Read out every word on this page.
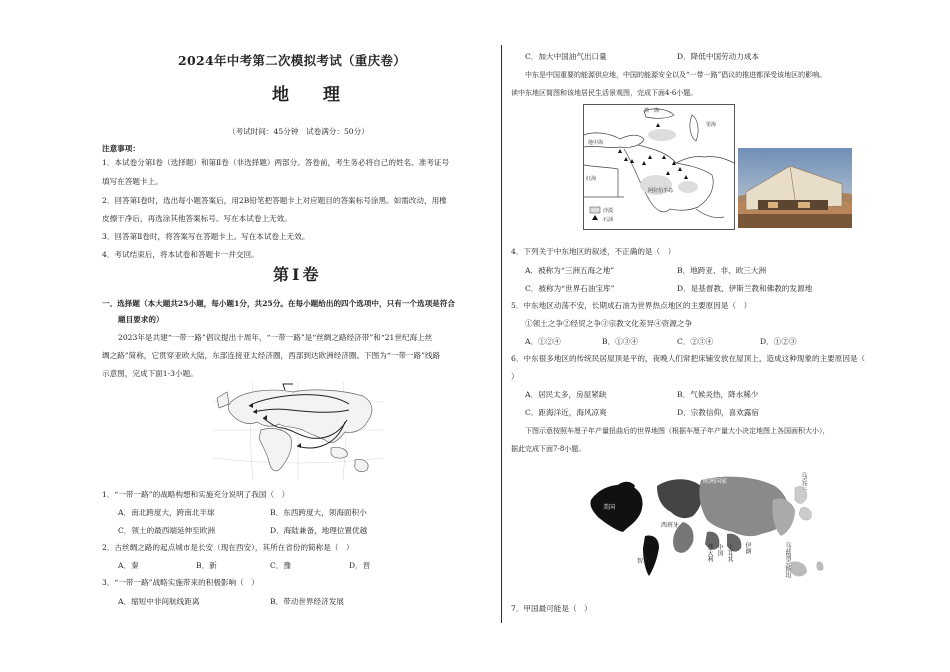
2024年中考第二次模拟考试（重庆卷）
地 理
（考试时间：45分钟　试卷满分：50分）
注意事项：
1．本试卷分第Ⅰ卷（选择题）和第Ⅱ卷（非选择题）两部分。答卷前，考生务必将自己的姓名、准考证号
填写在答题卡上。
2．回答第Ⅰ卷时，选出每小题答案后，用2B铅笔把答题卡上对应题目的答案标号涂黑。如需改动，用橡
皮擦干净后，再选涂其他答案标号。写在本试卷上无效。
3．回答第Ⅱ卷时，将答案写在答题卡上。写在本试卷上无效。
4．考试结束后，将本试卷和答题卡一并交回。
第Ⅰ卷
一、选择题（本大题共25小题，每小题1分，共25分。在每小题给出的四个选项中，只有一个选项是符合
题目要求的）
2023年是共建“一带一路”倡议提出十周年，“一带一路”是“丝绸之路经济带”和“21世纪海上丝
绸之路”简称，它贯穿亚欧大陆，东部连接亚太经济圈，西部到达欧洲经济圈。下图为“一带一路”线路
示意图，完成下面1-3小题。
1．“一带一路”的战略构想和实施充分说明了我国（　）
A．南北跨度大，跨南北半球	B．东西跨度大，领海面积小
C．领土的最西端延伸至欧洲	D．海陆兼备，地理位置优越
2．古丝绸之路的起点城市是长安（现在西安），其所在省份的简称是（　）
A．秦	B．新	C．豫	D．晋
3．“一带一路”战略实施带来的积极影响（　）
A．缩短中非间航线距离	B．带动世界经济发展
C．加大中国油气出口量	D．降低中国劳动力成本
中东是中国重要的能源供应地，中国的能源安全以及“一带一路”倡议的推进都深受该地区的影响。
读中东地区简图和该地居民生活景观图，完成下面4-6小题。
黑　海
里海
地中海
红海
阿拉伯半岛
沙漠
石油
4．下列关于中东地区的叙述，不正确的是（　）
A．被称为“三洲五海之地”	B．地跨亚、非、欧三大洲
C．被称为“世界石油宝库”	D．是基督教、伊斯兰教和佛教的发源地
5．中东地区动荡不安，长期成石油为世界热点地区的主要原因是（　）
①领土之争②经贸之争③宗教文化差异④资源之争
A．①②④	B．①③④	C．②③④	D．①②③
6．中东很多地区的传统民居屋顶是平的，夜晚人们常把床铺安放在屋顶上，造成这种现象的主要原因是（
）
A．居民太多，房屋紧缺	B．气候炎热，降水稀少
C．距海洋近，海风凉爽	D．宗教信仰，喜欢露宿
下图示意按照车厘子年产量扭曲后的世界地图（根据车厘子年产量大小决定地图上各国面积大小），
据此完成下面7-8小题。
美国
欧洲国家
西班牙
智利	意大利 中国 土耳其 伊朗	乌兹别克斯坦
乌克兰
7．甲国最可能是（　）
